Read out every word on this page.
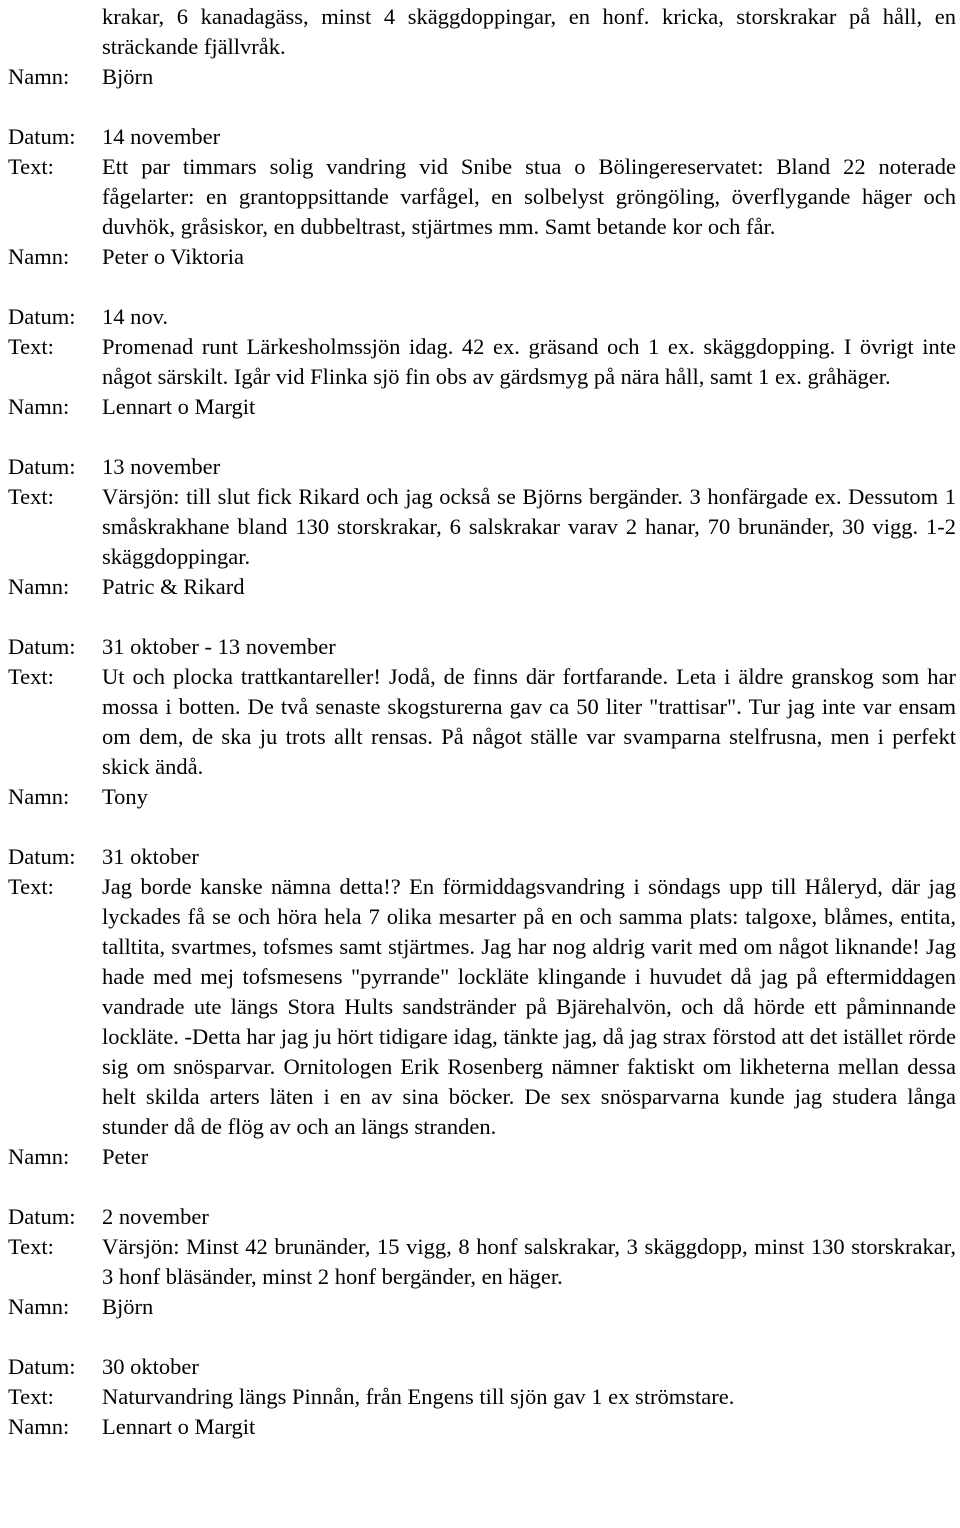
krakar, 6 kanadagäss, minst 4 skäggdoppingar, en honf. kricka, storskrakar på håll, en sträckande fjällvråk.
Namn:	Björn
Datum:	14 november
Text:	Ett par timmars solig vandring vid Snibe stua o Bölingereservatet: Bland 22 noterade fågelarter: en grantoppsittande varfågel, en solbelyst gröngöling, överflygande häger och duvhök, gråsiskor, en dubbeltrast, stjärtmes mm. Samt betande kor och får.
Namn:	Peter o Viktoria
Datum:	14 nov.
Text:	Promenad runt Lärkesholmssjön idag. 42 ex. gräsand och 1 ex. skäggdopping. I övrigt inte något särskilt. Igår vid Flinka sjö fin obs av gärdsmyg på nära håll, samt 1 ex. gråhäger.
Namn:	Lennart o Margit
Datum:	13 november
Text:	Värsjön: till slut fick Rikard och jag också se Björns bergänder. 3 honfärgade ex. Dessutom 1 småskrakhane bland 130 storskrakar, 6 salskrakar varav 2 hanar, 70 brunänder, 30 vigg. 1-2 skäggdoppingar.
Namn:	Patric & Rikard
Datum:	31 oktober - 13 november
Text:	Ut och plocka trattkantareller! Jodå, de finns där fortfarande. Leta i äldre granskog som har mossa i botten. De två senaste skogsturerna gav ca 50 liter "trattisar". Tur jag inte var ensam om dem, de ska ju trots allt rensas. På något ställe var svamparna stelfrusna, men i perfekt skick ändå.
Namn:	Tony
Datum:	31 oktober
Text:	Jag borde kanske nämna detta!? En förmiddagsvandring i söndags upp till Håleryd, där jag lyckades få se och höra hela 7 olika mesarter på en och samma plats: talgoxe, blåmes, entita, talltita, svartmes, tofsmes samt stjärtmes. Jag har nog aldrig varit med om något liknande! Jag hade med mej tofsmesens "pyrrande" lockläte klingande i huvudet då jag på eftermiddagen vandrade ute längs Stora Hults sandstränder på Bjärehalvön, och då hörde ett påminnande lockläte. -Detta har jag ju hört tidigare idag, tänkte jag, då jag strax förstod att det istället rörde sig om snösparvar. Ornitologen Erik Rosenberg nämner faktiskt om likheterna mellan dessa helt skilda arters läten i en av sina böcker. De sex snösparvarna kunde jag studera långa stunder då de flög av och an längs stranden.
Namn:	Peter
Datum:	2 november
Text:	Värsjön: Minst 42 brunänder, 15 vigg, 8 honf salskrakar, 3 skäggdopp, minst 130 storskrakar, 3 honf bläsänder, minst 2 honf bergänder, en häger.
Namn:	Björn
Datum:	30 oktober
Text:	Naturvandring längs Pinnån, från Engens till sjön gav 1 ex strömstare.
Namn:	Lennart o Margit
